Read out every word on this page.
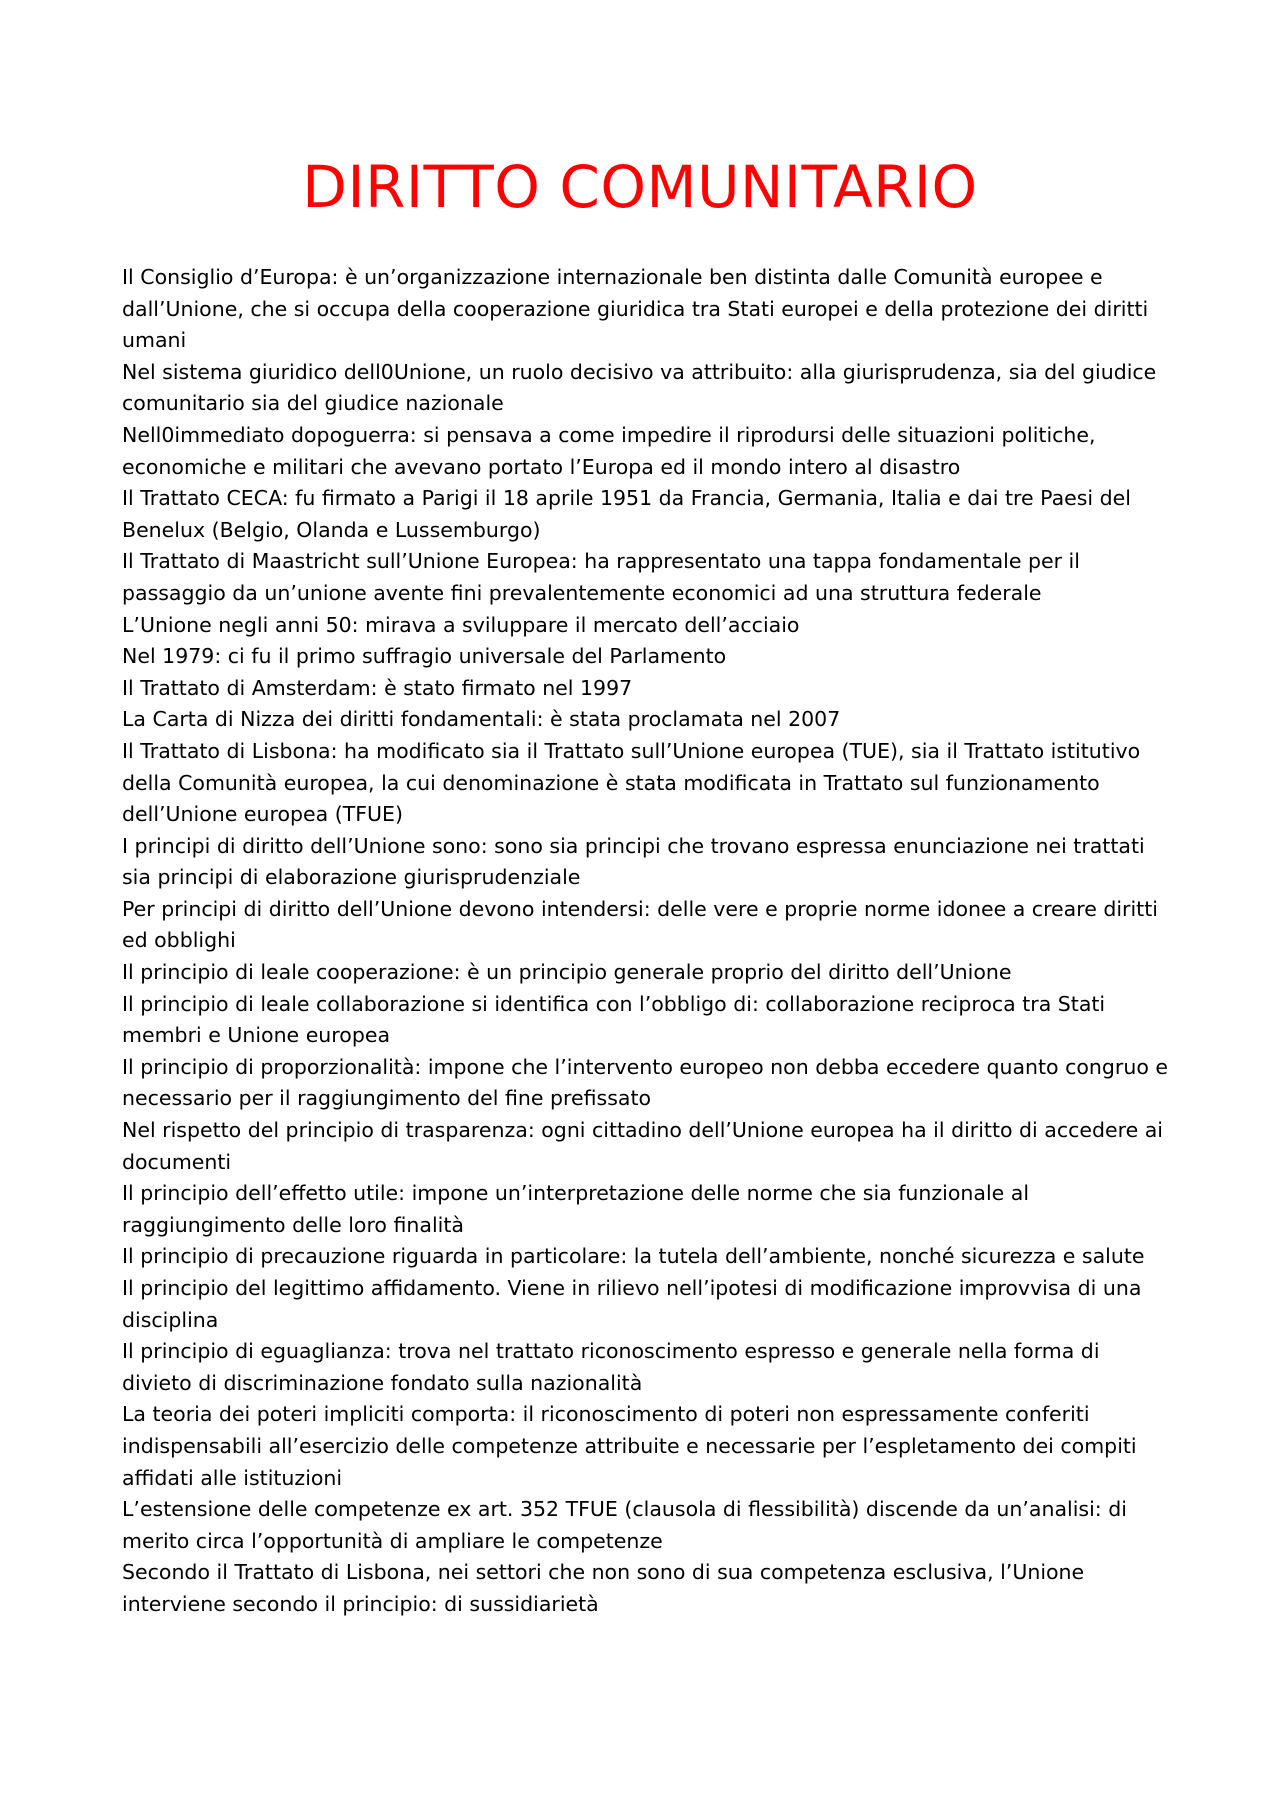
DIRITTO COMUNITARIO
Il Consiglio d’Europa: è un’organizzazione internazionale ben distinta dalle Comunità europee e dall’Unione, che si occupa della cooperazione giuridica tra Stati europei e della protezione dei diritti umani
Nel sistema giuridico dell0Unione, un ruolo decisivo va attribuito: alla giurisprudenza, sia del giudice comunitario sia del giudice nazionale
Nell0immediato dopoguerra: si pensava a come impedire il riprodursi delle situazioni politiche, economiche e militari che avevano portato l’Europa ed il mondo intero al disastro
Il Trattato CECA: fu firmato a Parigi il 18 aprile 1951 da Francia, Germania, Italia e dai tre Paesi del Benelux (Belgio, Olanda e Lussemburgo)
Il Trattato di Maastricht sull’Unione Europea: ha rappresentato una tappa fondamentale per il passaggio da un’unione avente fini prevalentemente economici ad una struttura federale
L’Unione negli anni 50: mirava a sviluppare il mercato dell’acciaio
Nel 1979: ci fu il primo suffragio universale del Parlamento
Il Trattato di Amsterdam: è stato firmato nel 1997
La Carta di Nizza dei diritti fondamentali: è stata proclamata nel 2007
Il Trattato di Lisbona: ha modificato sia il Trattato sull’Unione europea (TUE), sia il Trattato istitutivo della Comunità europea, la cui denominazione è stata modificata in Trattato sul funzionamento dell’Unione europea (TFUE)
I principi di diritto dell’Unione sono: sono sia principi che trovano espressa enunciazione nei trattati sia principi di elaborazione giurisprudenziale
Per principi di diritto dell’Unione devono intendersi: delle vere e proprie norme idonee a creare diritti ed obblighi
Il principio di leale cooperazione: è un principio generale proprio del diritto dell’Unione
Il principio di leale collaborazione si identifica con l’obbligo di: collaborazione reciproca tra Stati membri e Unione europea
Il principio di proporzionalità: impone che l’intervento europeo non debba eccedere quanto congruo e necessario per il raggiungimento del fine prefissato
Nel rispetto del principio di trasparenza: ogni cittadino dell’Unione europea ha il diritto di accedere ai documenti
Il principio dell’effetto utile: impone un’interpretazione delle norme che sia funzionale al raggiungimento delle loro finalità
Il principio di precauzione riguarda in particolare: la tutela dell’ambiente, nonché sicurezza e salute
Il principio del legittimo affidamento. Viene in rilievo nell’ipotesi di modificazione improvvisa di una disciplina
Il principio di eguaglianza: trova nel trattato riconoscimento espresso e generale nella forma di divieto di discriminazione fondato sulla nazionalità
La teoria dei poteri impliciti comporta: il riconoscimento di poteri non espressamente conferiti indispensabili all’esercizio delle competenze attribuite e necessarie per l’espletamento dei compiti affidati alle istituzioni
L’estensione delle competenze ex art. 352 TFUE (clausola di flessibilità) discende da un’analisi: di merito circa l’opportunità di ampliare le competenze
Secondo il Trattato di Lisbona, nei settori che non sono di sua competenza esclusiva, l’Unione interviene secondo il principio: di sussidiarietà
